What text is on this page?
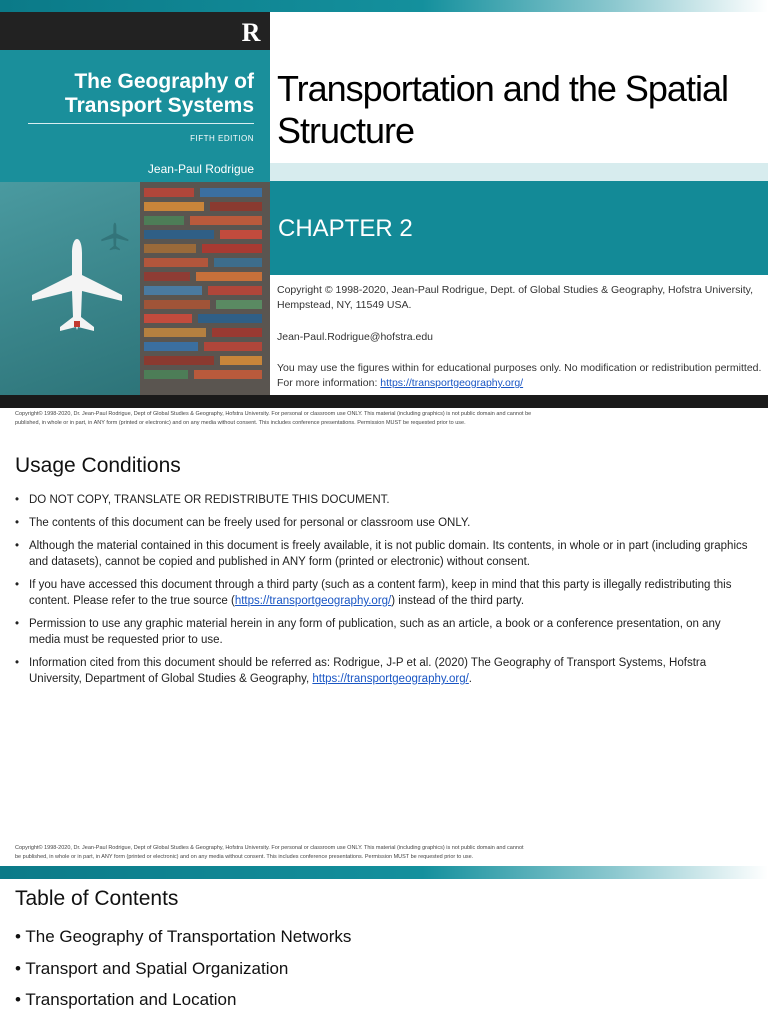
R
The Geography of Transport Systems
FIFTH EDITION
Jean-Paul Rodrigue
Transportation and the Spatial Structure
CHAPTER 2
Copyright © 1998-2020, Jean-Paul Rodrigue, Dept. of Global Studies & Geography, Hofstra University, Hempstead, NY, 11549 USA.
Jean-Paul.Rodrigue@hofstra.edu
You may use the figures within for educational purposes only. No modification or redistribution permitted.
For more information: https://transportgeography.org/
Copyright© 1998-2020, Dr. Jean-Paul Rodrigue, Dept of Global Studies & Geography, Hofstra University. For personal or classroom use ONLY. This material (including graphics) is not public domain and cannot be
published, in whole or in part, in ANY form (printed or electronic) and on any media without consent. This includes conference presentations. Permission MUST be requested prior to use.
Usage Conditions
• DO NOT COPY, TRANSLATE OR REDISTRIBUTE THIS DOCUMENT.
• The contents of this document can be freely used for personal or classroom use ONLY.
• Although the material contained in this document is freely available, it is not public domain. Its contents, in whole or in part (including graphics and datasets), cannot be copied and published in ANY form (printed or electronic) without consent.
• If you have accessed this document through a third party (such as a content farm), keep in mind that this party is illegally redistributing this content. Please refer to the true source (https://transportgeography.org/) instead of the third party.
• Permission to use any graphic material herein in any form of publication, such as an article, a book or a conference presentation, on any media must be requested prior to use.
• Information cited from this document should be referred as: Rodrigue, J-P et al. (2020) The Geography of Transport Systems, Hofstra University, Department of Global Studies & Geography, https://transportgeography.org/.
Copyright© 1998-2020, Dr. Jean-Paul Rodrigue, Dept of Global Studies & Geography, Hofstra University. For personal or classroom use ONLY. This material (including graphics) is not public domain and cannot
be published, in whole or in part, in ANY form (printed or electronic) and on any media without consent. This includes conference presentations. Permission MUST be requested prior to use.
Table of Contents
• The Geography of Transportation Networks
• Transport and Spatial Organization
• Transportation and Location
